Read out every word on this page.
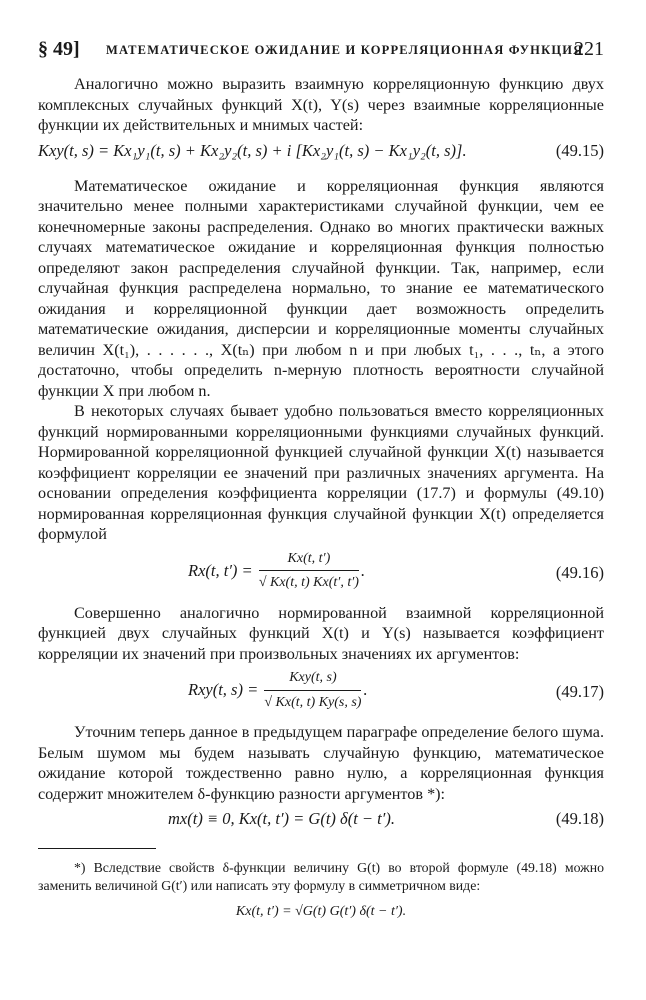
§ 49] МАТЕМАТИЧЕСКОЕ ОЖИДАНИЕ И КОРРЕЛЯЦИОННАЯ ФУНКЦИЯ
221

Аналогично можно выразить взаимную корреляционную функцию двух комплексных случайных функций X(t), Y(s) через взаимные корреляционные функции их действительных и мнимых частей:

Kxy(t, s) = Kx₁y₁(t, s) + Kx₂y₂(t, s) + i [Kx₂y₁(t, s) − Kx₁y₂(t, s)].	(49.15)

Математическое ожидание и корреляционная функция являются значительно менее полными характеристиками случайной функции, чем ее конечномерные законы распределения. Однако во многих практически важных случаях математическое ожидание и корреляционная функция полностью определяют закон распределения случайной функции. Так, например, если случайная функция распределена нормально, то знание ее математического ожидания и корреляционной функции дает возможность определить математические ожидания, дисперсии и корреляционные моменты случайных величин X(t₁), . . . . . ., X(tₙ) при любом n и при любых t₁, . . ., tₙ, а этого достаточно, чтобы определить n-мерную плотность вероятности случайной функции X при любом n.

В некоторых случаях бывает удобно пользоваться вместо корреляционных функций нормированными корреляционными функциями случайных функций. Нормированной корреляционной функцией случайной функции X(t) называется коэффициент корреляции ее значений при различных значениях аргумента. На основании определения коэффициента корреляции (17.7) и формулы (49.10) нормированная корреляционная функция случайной функции X(t) определяется формулой

Rx(t, $t') = \frac{Kx(t, t')}{√ Kx(t, t) Kx(t', t')}$ .	(49.16)

Совершенно аналогично нормированной взаимной корреляционной функцией двух случайных функций X(t) и Y(s) называется коэффициент корреляции их значений при произвольных значениях их аргументов:

Rxy(t, $s) = \frac{\text{Kxy(t, s)}}{√ Kx(t, t) Ky(s, s)}$ .	(49.17)

Уточним теперь данное в предыдущем параграфе определение белого шума. Белым шумом мы будем называть случайную функцию, математическое ожидание которой тождественно равно нулю, а корреляционная функция содержит множителем δ-функцию разности аргументов *):

mx(t) ≡ 0, Kx(t, t′) = G(t) δ(t − t′).	(49.18)

*) Вследствие свойств δ-функции величину G(t) во второй формуле (49.18) можно заменить величиной G(t′) или написать эту формулу в симметричном виде:

Kx(t, t′) = √G(t) G(t′) δ(t − t′).
